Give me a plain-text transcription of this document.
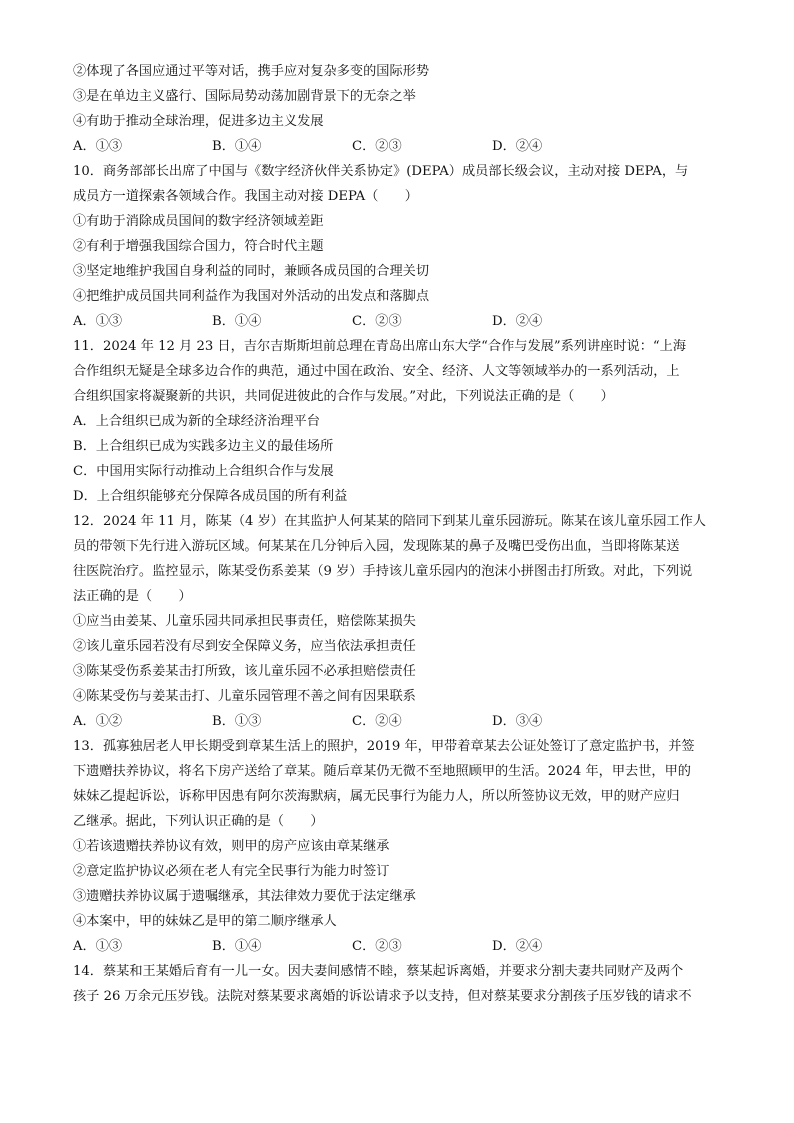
②体现了各国应通过平等对话，携手应对复杂多变的国际形势
③是在单边主义盛行、国际局势动荡加剧背景下的无奈之举
④有助于推动全球治理，促进多边主义发展
A．①③	B．①④	C．②③	D．②④
10．商务部部长出席了中国与《数字经济伙伴关系协定》(DEPA）成员部长级会议，主动对接 DEPA，与
成员方一道探索各领域合作。我国主动对接 DEPA（　　）
①有助于消除成员国间的数字经济领域差距
②有利于增强我国综合国力，符合时代主题
③坚定地维护我国自身利益的同时，兼顾各成员国的合理关切
④把维护成员国共同利益作为我国对外活动的出发点和落脚点
A．①③	B．①④	C．②③	D．②④
11．2024 年 12 月 23 日，吉尔吉斯斯坦前总理在青岛出席山东大学“合作与发展”系列讲座时说：“上海
合作组织无疑是全球多边合作的典范，通过中国在政治、安全、经济、人文等领域举办的一系列活动，上
合组织国家将凝聚新的共识，共同促进彼此的合作与发展。”对此，下列说法正确的是（　　）
A．上合组织已成为新的全球经济治理平台
B．上合组织已成为实践多边主义的最佳场所
C．中国用实际行动推动上合组织合作与发展
D．上合组织能够充分保障各成员国的所有利益
12．2024 年 11 月，陈某（4 岁）在其监护人何某某的陪同下到某儿童乐园游玩。陈某在该儿童乐园工作人
员的带领下先行进入游玩区域。何某某在几分钟后入园，发现陈某的鼻子及嘴巴受伤出血，当即将陈某送
往医院治疗。监控显示，陈某受伤系姜某（9 岁）手持该儿童乐园内的泡沫小拼图击打所致。对此，下列说
法正确的是（　　）
①应当由姜某、儿童乐园共同承担民事责任，赔偿陈某损失
②该儿童乐园若没有尽到安全保障义务，应当依法承担责任
③陈某受伤系姜某击打所致，该儿童乐园不必承担赔偿责任
④陈某受伤与姜某击打、儿童乐园管理不善之间有因果联系
A．①②	B．①③	C．②④	D．③④
13．孤寡独居老人甲长期受到章某生活上的照护，2019 年，甲带着章某去公证处签订了意定监护书，并签
下遗赠扶养协议，将名下房产送给了章某。随后章某仍无微不至地照顾甲的生活。2024 年，甲去世，甲的
妹妹乙提起诉讼，诉称甲因患有阿尔茨海默病，属无民事行为能力人，所以所签协议无效，甲的财产应归
乙继承。据此，下列认识正确的是（　　）
①若该遗赠扶养协议有效，则甲的房产应该由章某继承
②意定监护协议必须在老人有完全民事行为能力时签订
③遗赠扶养协议属于遗嘱继承，其法律效力要优于法定继承
④本案中，甲的妹妹乙是甲的第二顺序继承人
A．①③	B．①④	C．②③	D．②④
14．蔡某和王某婚后育有一儿一女。因夫妻间感情不睦，蔡某起诉离婚，并要求分割夫妻共同财产及两个
孩子 26 万余元压岁钱。法院对蔡某要求离婚的诉讼请求予以支持，但对蔡某要求分割孩子压岁钱的请求不
